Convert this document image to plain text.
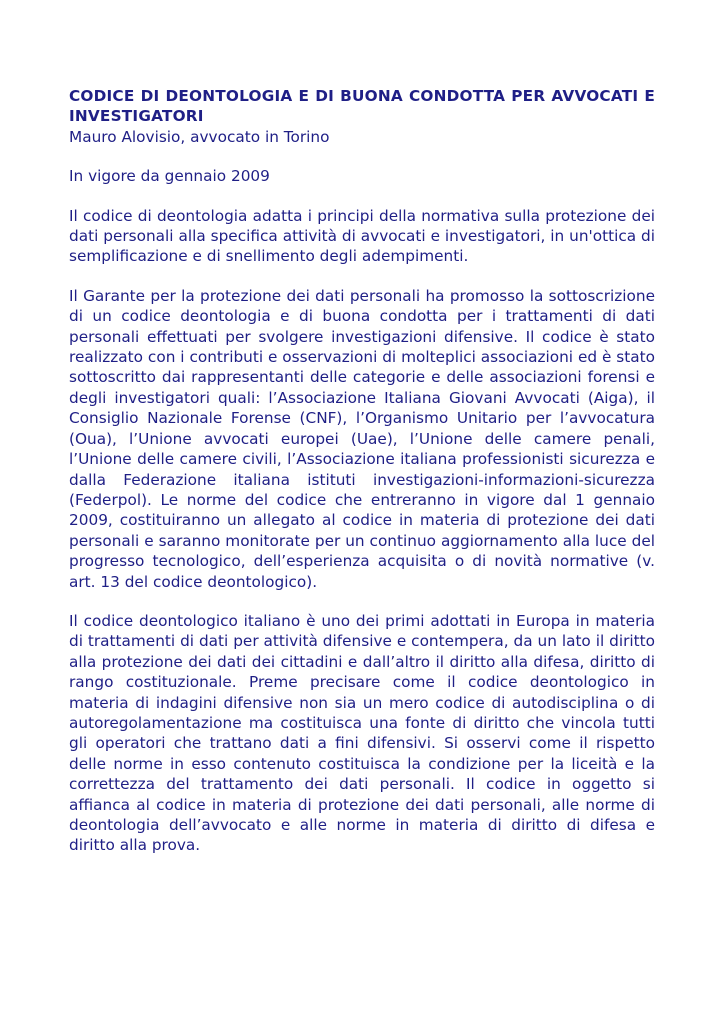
CODICE DI DEONTOLOGIA E DI BUONA CONDOTTA PER AVVOCATI E INVESTIGATORI

Mauro Alovisio, avvocato in Torino

In vigore da gennaio 2009

Il codice di deontologia adatta i principi della normativa sulla protezione dei dati personali alla specifica attività di avvocati e investigatori, in un'ottica di semplificazione e di snellimento degli adempimenti.

Il Garante per la protezione dei dati personali ha promosso la sottoscrizione di un codice deontologia e di buona condotta per i trattamenti di dati personali effettuati per svolgere investigazioni difensive. Il codice è stato realizzato con i contributi e osservazioni di molteplici associazioni ed è stato sottoscritto dai rappresentanti delle categorie e delle associazioni forensi e degli investigatori quali: l’Associazione Italiana Giovani Avvocati (Aiga), il Consiglio Nazionale Forense (CNF), l’Organismo Unitario per l’avvocatura (Oua), l’Unione avvocati europei (Uae), l’Unione delle camere penali, l’Unione delle camere civili, l’Associazione italiana professionisti sicurezza e dalla Federazione italiana istituti investigazioni-informazioni-sicurezza (Federpol). Le norme del codice che entreranno in vigore dal 1 gennaio 2009, costituiranno un allegato al codice in materia di protezione dei dati personali e saranno monitorate per un continuo aggiornamento alla luce del progresso tecnologico, dell’esperienza acquisita o di novità normative (v. art. 13 del codice deontologico).

Il codice deontologico italiano è uno dei primi adottati in Europa in materia di trattamenti di dati per attività difensive e contempera, da un lato il diritto alla protezione dei dati dei cittadini e dall’altro il diritto alla difesa, diritto di rango costituzionale. Preme precisare come il codice deontologico in materia di indagini difensive non sia un mero codice di autodisciplina o di autoregolamentazione ma costituisca una fonte di diritto che vincola tutti gli operatori che trattano dati a fini difensivi. Si osservi come il rispetto delle norme in esso contenuto costituisca la condizione per la liceità e la correttezza del trattamento dei dati personali. Il codice in oggetto si affianca al codice in materia di protezione dei dati personali, alle norme di deontologia dell’avvocato e alle norme in materia di diritto di difesa e diritto alla prova.
